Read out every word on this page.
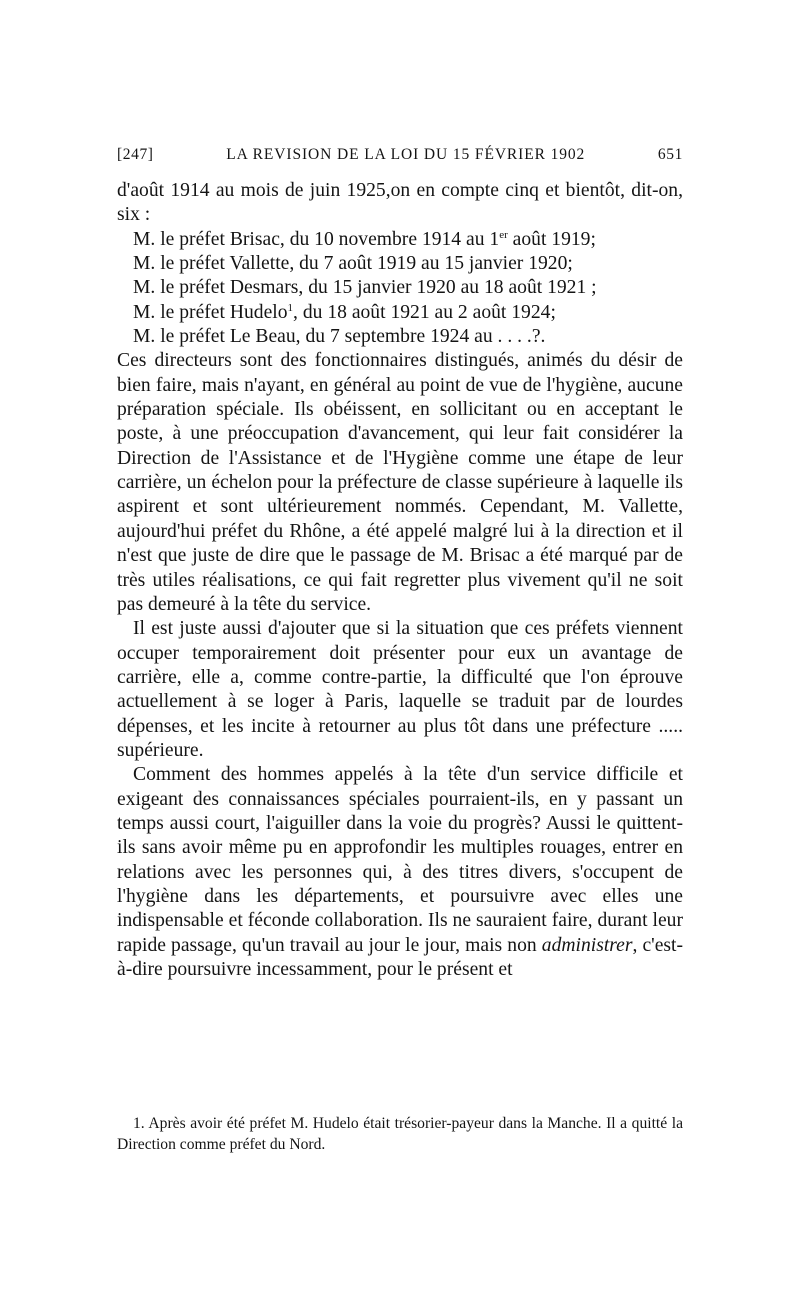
[247]	LA REVISION DE LA LOI DU 15 FÉVRIER 1902	651

d'août 1914 au mois de juin 1925,on en compte cinq et bientôt, dit-on, six :

M. le préfet Brisac, du 10 novembre 1914 au 1er août 1919;

M. le préfet Vallette, du 7 août 1919 au 15 janvier 1920;

M. le préfet Desmars, du 15 janvier 1920 au 18 août 1921 ;

M. le préfet Hudelo$^1$, du 18 août 1921 au 2 août 1924;

M. le préfet Le Beau, du 7 septembre 1924 au . . . .?.

Ces directeurs sont des fonctionnaires distingués, animés du désir de bien faire, mais n'ayant, en général au point de vue de l'hygiène, aucune préparation spéciale. Ils obéissent, en sollicitant ou en acceptant le poste, à une préoccupation d'avancement, qui leur fait considérer la Direction de l'Assistance et de l'Hygiène comme une étape de leur carrière, un échelon pour la préfecture de classe supérieure à laquelle ils aspirent et sont ultérieurement nommés. Cependant, M. Vallette, aujourd'hui préfet du Rhône, a été appelé malgré lui à la direction et il n'est que juste de dire que le passage de M. Brisac a été marqué par de très utiles réalisations, ce qui fait regretter plus vivement qu'il ne soit pas demeuré à la tête du service.

Il est juste aussi d'ajouter que si la situation que ces préfets viennent occuper temporairement doit présenter pour eux un avantage de carrière, elle a, comme contre-partie, la difficulté que l'on éprouve actuellement à se loger à Paris, laquelle se traduit par de lourdes dépenses, et les incite à retourner au plus tôt dans une préfecture ..... supérieure.

Comment des hommes appelés à la tête d'un service difficile et exigeant des connaissances spéciales pourraient-ils, en y passant un temps aussi court, l'aiguiller dans la voie du progrès? Aussi le quittent-ils sans avoir même pu en approfondir les multiples rouages, entrer en relations avec les personnes qui, à des titres divers, s'occupent de l'hygiène dans les départements, et poursuivre avec elles une indispensable et féconde collaboration. Ils ne sauraient faire, durant leur rapide passage, qu'un travail au jour le jour, mais non administrer, c'est-à-dire poursuivre incessamment, pour le présent et

1. Après avoir été préfet M. Hudelo était trésorier-payeur dans la Manche. Il a quitté la Direction comme préfet du Nord.
